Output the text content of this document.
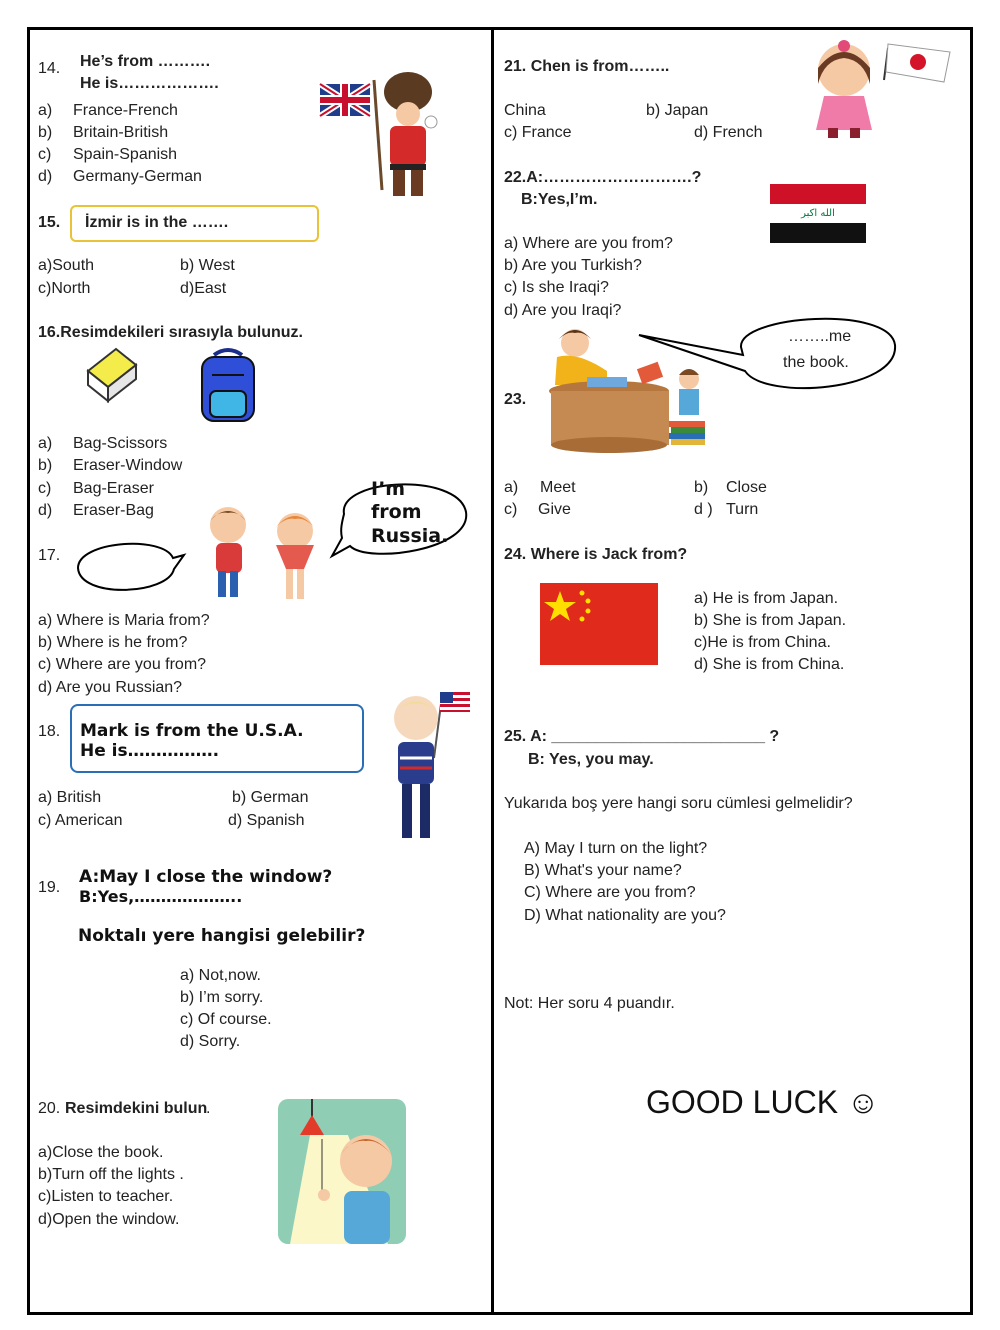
14. He’s from ……….
He is……………….
a) France-French
b) Britain-British
c) Spain-Spanish
d) Germany-German
15. İzmir is in the …….
a)South	b) West
c)North	d)East
16.Resimdekileri sırasıyla bulunuz.
a) Bag-Scissors
b) Eraser-Window
c) Bag-Eraser
d) Eraser-Bag
17.
I’m
from
Russia.
a) Where is Maria from?
b) Where is he from?
c) Where are you from?
d) Are you Russian?
18. Mark is from the U.S.A.
He is…………….
a) British	b) German
c) American	d) Spanish
19.
A:May I close the window?
B:Yes,………………..
Noktalı yere hangisi gelebilir?
a) Not,now.
b) I’m sorry.
c) Of course.
d) Sorry.
20. Resimdekini bulun
.
a)Close the book.
b)Turn off the lights .
c)Listen to teacher.
d)Open the window.
21. Chen is from……..
China	b) Japan
c) France	d) French
22.A:……………………….?
B:Yes,I’m.
الله اكبر
a) Where are you from?
b) Are you Turkish?
c) Is she Iraqi?
d) Are you Iraqi?
……..me
the book.
23.
a) Meet	b) Close
c) Give	d ) Turn
24. Where is Jack from?
a) He is from Japan.
b) She is from Japan.
c)He is from China.
d) She is from China.
25. A: ________________________ ?
B: Yes, you may.
Yukarıda boş yere hangi soru cümlesi gelmelidir?
A) May I turn on the light?
B) What's your name?
C) Where are you from?
D) What nationality are you?
Not: Her soru 4 puandır.
GOOD LUCK ☺
